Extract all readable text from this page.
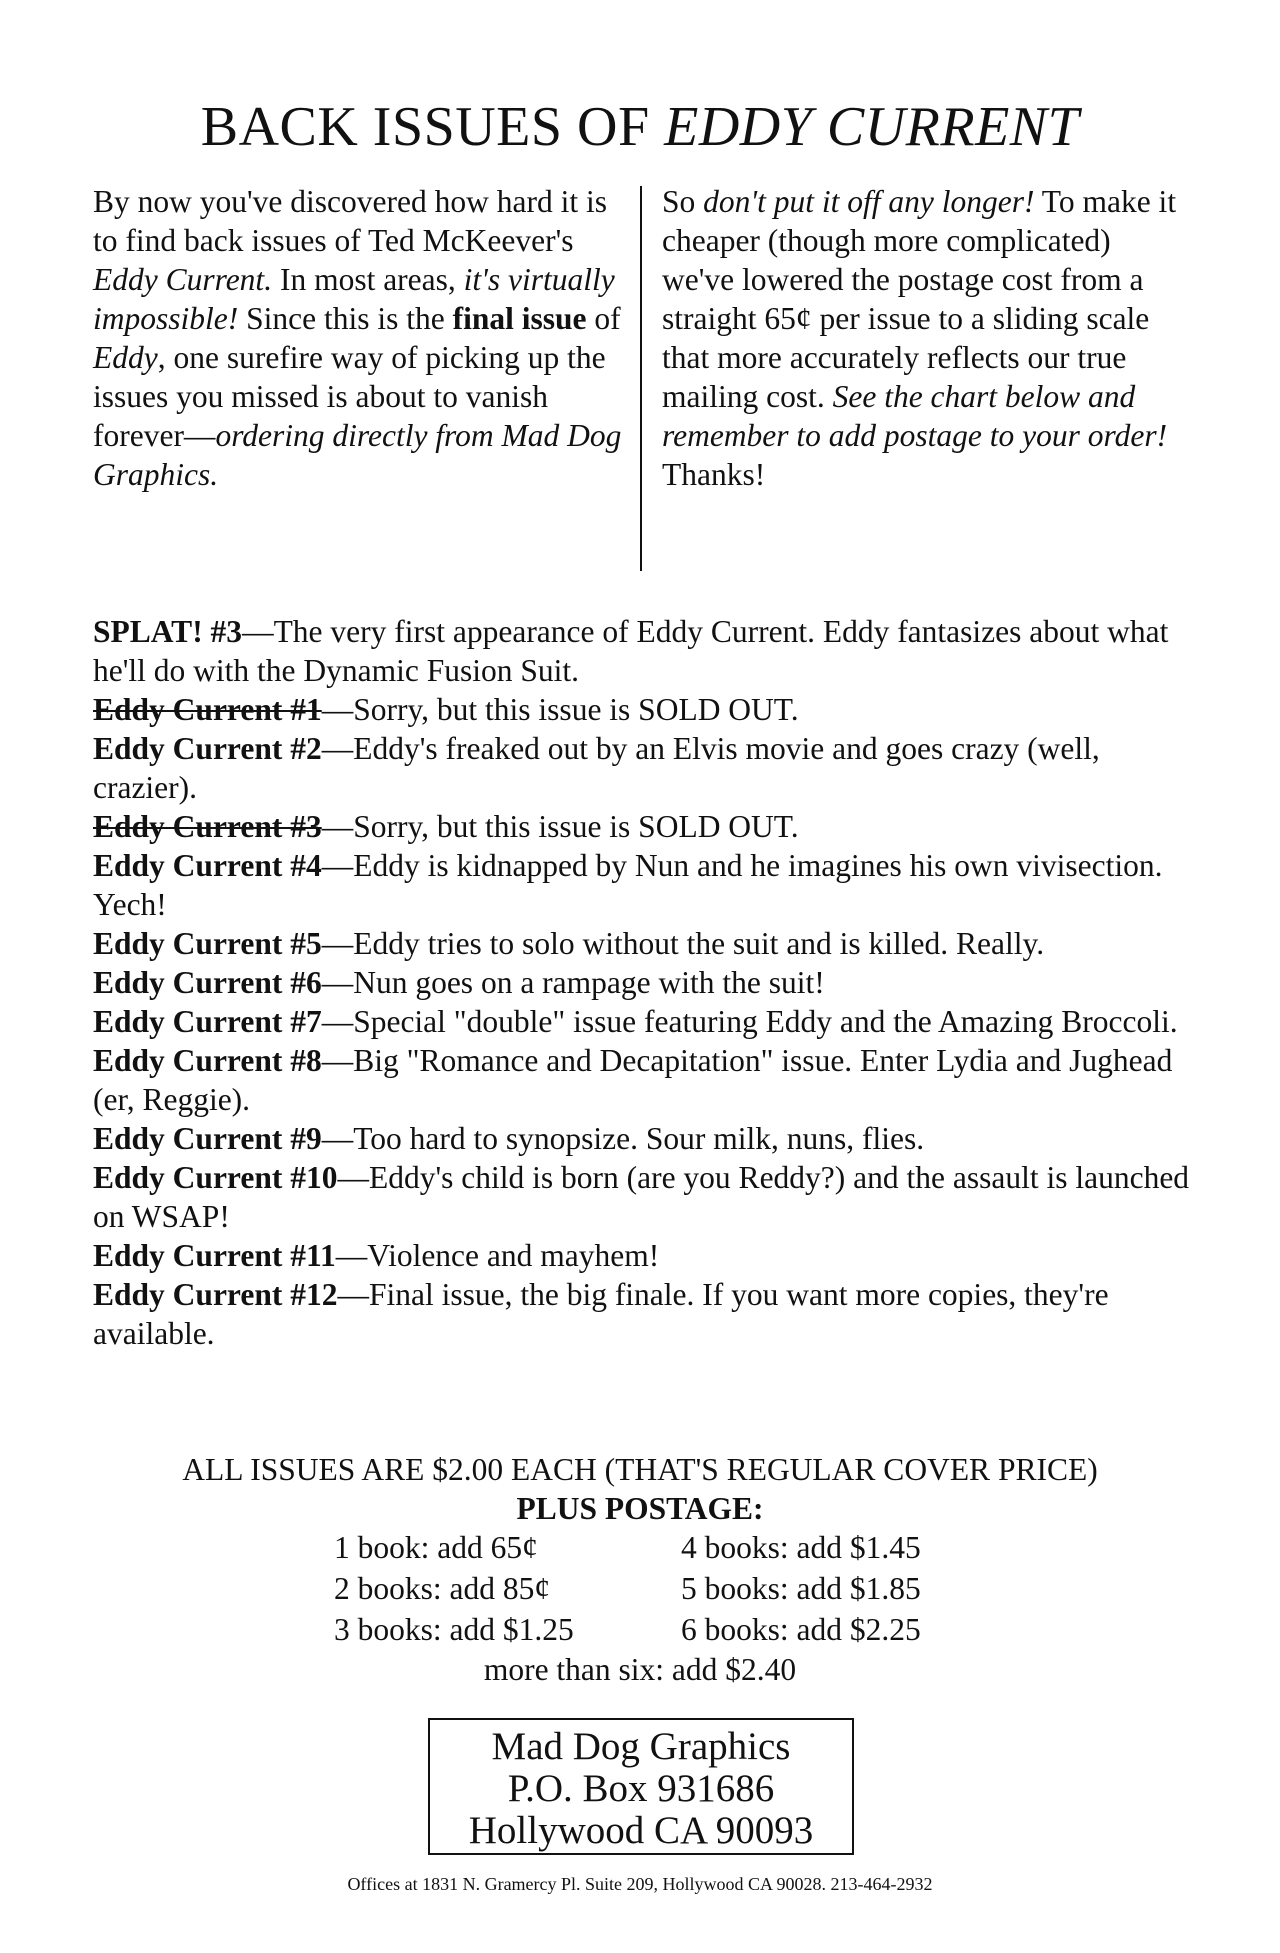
BACK ISSUES OF EDDY CURRENT
By now you've discovered how hard it is to find back issues of Ted McKeever's Eddy Current. In most areas, it's virtually impossible! Since this is the final issue of Eddy, one surefire way of picking up the issues you missed is about to vanish forever—ordering directly from Mad Dog Graphics.
So don't put it off any longer! To make it cheaper (though more complicated) we've lowered the postage cost from a straight 65¢ per issue to a sliding scale that more accurately reflects our true mailing cost. See the chart below and remember to add postage to your order! Thanks!

SPLAT! #3—The very first appearance of Eddy Current. Eddy fantasizes about what he'll do with the Dynamic Fusion Suit.

Eddy Current #1—Sorry, but this issue is SOLD OUT.

Eddy Current #2—Eddy's freaked out by an Elvis movie and goes crazy (well, crazier).

Eddy Current #3—Sorry, but this issue is SOLD OUT.

Eddy Current #4—Eddy is kidnapped by Nun and he imagines his own vivisection. Yech!

Eddy Current #5—Eddy tries to solo without the suit and is killed. Really.

Eddy Current #6—Nun goes on a rampage with the suit!

Eddy Current #7—Special "double" issue featuring Eddy and the Amazing Broccoli.

Eddy Current #8—Big "Romance and Decapitation" issue. Enter Lydia and Jughead (er, Reggie).

Eddy Current #9—Too hard to synopsize. Sour milk, nuns, flies.

Eddy Current #10—Eddy's child is born (are you Reddy?) and the assault is launched on WSAP!

Eddy Current #11—Violence and mayhem!

Eddy Current #12—Final issue, the big finale. If you want more copies, they're available.

ALL ISSUES ARE $2.00 EACH (THAT'S REGULAR COVER PRICE)
PLUS POSTAGE:
1 book: add 65¢
2 books: add 85¢
3 books: add $1.25
4 books: add $1.45
5 books: add $1.85
6 books: add $2.25
more than six: add $2.40
Mad Dog Graphics
P.O. Box 931686
Hollywood CA 90093
Offices at 1831 N. Gramercy Pl. Suite 209, Hollywood CA 90028. 213-464-2932
